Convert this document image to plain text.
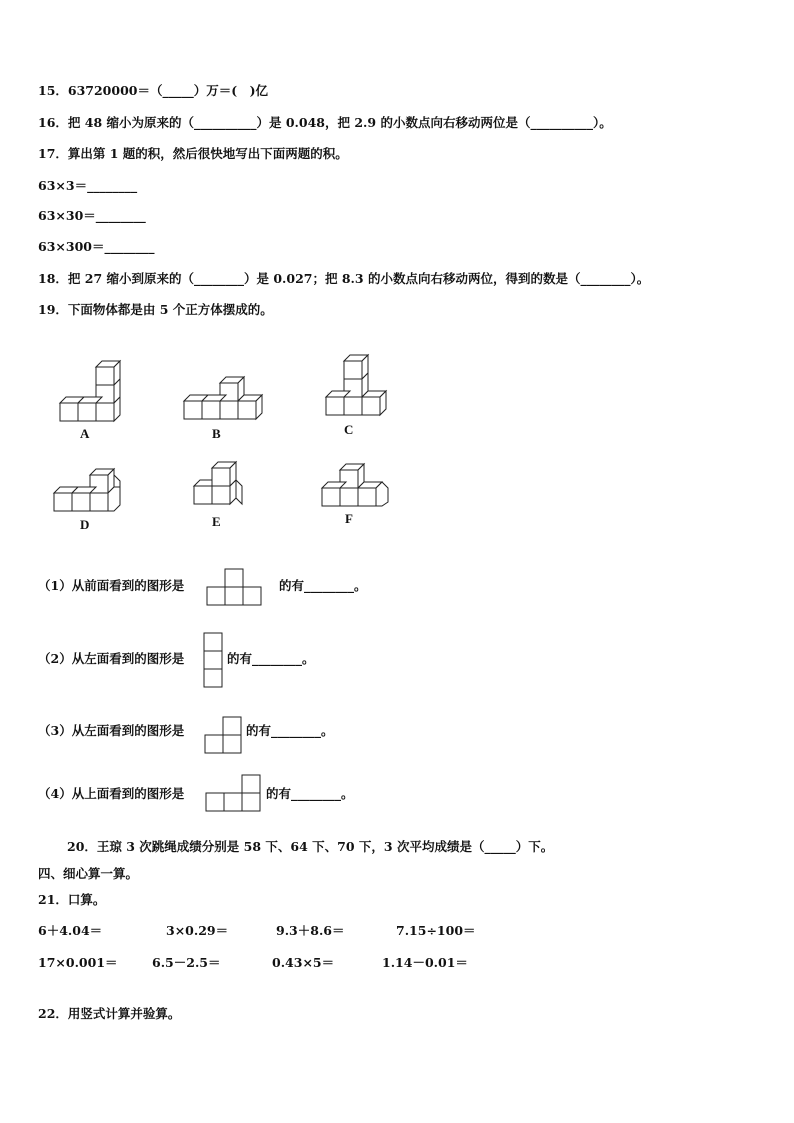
15．63720000＝（_____）万＝(　)亿
16．把 48 缩小为原来的（__________）是 0.048，把 2.9 的小数点向右移动两位是（__________）。
17．算出第 1 题的积，然后很快地写出下面两题的积。
63×3＝________
63×30＝________
63×300＝________
18．把 27 缩小到原来的（________）是 0.027；把 8.3 的小数点向右移动两位，得到的数是（________）。
19．下面物体都是由 5 个正方体摆成的。
A	B	C
D	E	F
（1）从前面看到的图形是	的有________。
（2）从左面看到的图形是	的有________。
（3）从左面看到的图形是	的有________。
（4）从上面看到的图形是	的有________。
20．王琼 3 次跳绳成绩分别是 58 下、64 下、70 下，3 次平均成绩是（_____）下。
四、细心算一算。
21．口算。
6＋4.04＝	3×0.29＝	9.3＋8.6＝	7.15÷100＝
17×0.001＝	6.5－2.5＝	0.43×5＝	1.14－0.01＝
22．用竖式计算并验算。
